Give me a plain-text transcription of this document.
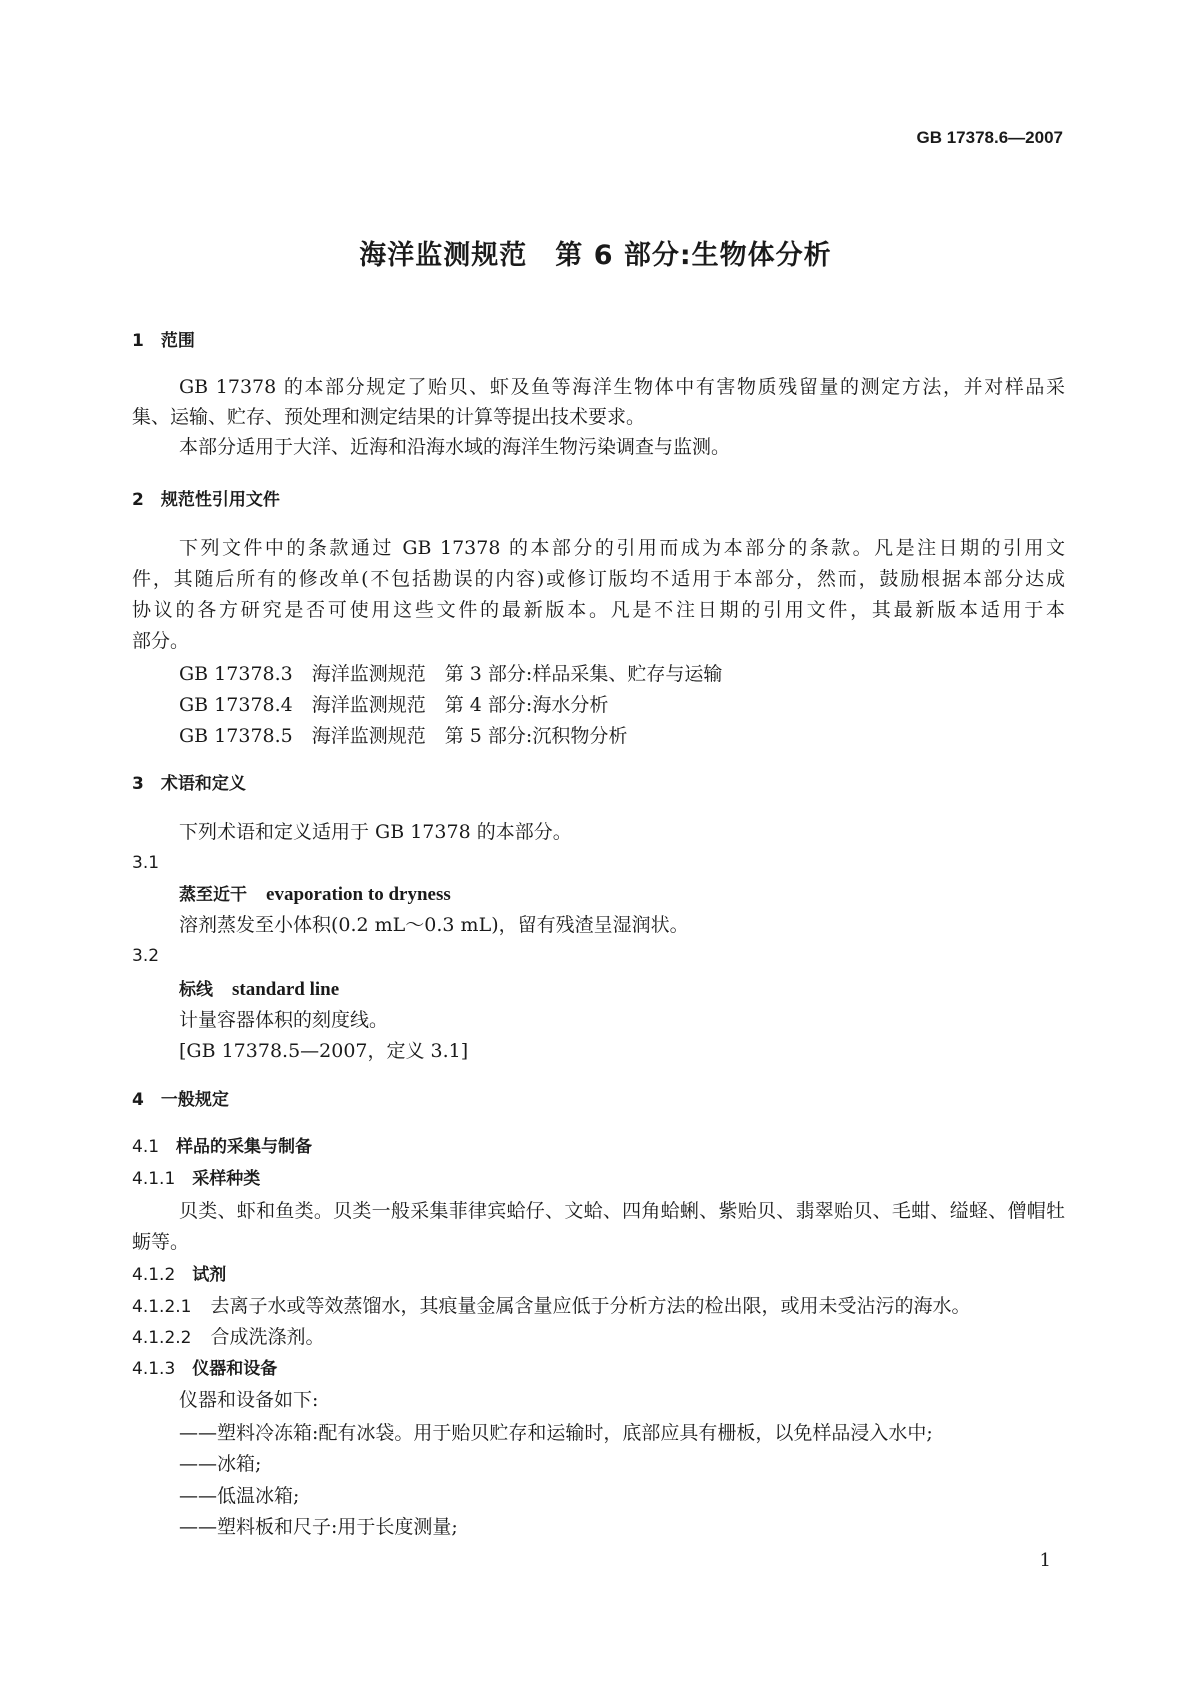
GB 17378.6—2007
海洋监测规范　第 6 部分:生物体分析
1　 范围
GB 17378 的本部分规定了贻贝、虾及鱼等海洋生物体中有害物质残留量的测定方法，并对样品采
集、运输、贮存、预处理和测定结果的计算等提出技术要求。
本部分适用于大洋、近海和沿海水域的海洋生物污染调查与监测。
2　 规范性引用文件
下列文件中的条款通过 GB 17378 的本部分的引用而成为本部分的条款。凡是注日期的引用文
件，其随后所有的修改单(不包括勘误的内容)或修订版均不适用于本部分，然而，鼓励根据本部分达成
协议的各方研究是否可使用这些文件的最新版本。凡是不注日期的引用文件，其最新版本适用于本
部分。
GB 17378.3　海洋监测规范　第 3 部分:样品采集、贮存与运输
GB 17378.4　海洋监测规范　第 4 部分:海水分析
GB 17378.5　海洋监测规范　第 5 部分:沉积物分析
3　 术语和定义
下列术语和定义适用于 GB 17378 的本部分。
3.1
蒸至近干　 evaporation to dryness
溶剂蒸发至小体积(0.2 mL～0.3 mL)，留有残渣呈湿润状。
3.2
标线　 standard line
计量容器体积的刻度线。
[GB 17378.5—2007，定义 3.1]
4　 一般规定
4.1　 样品的采集与制备
4.1.1　 采样种类
贝类、虾和鱼类。贝类一般采集菲律宾蛤仔、文蛤、四角蛤蜊、紫贻贝、翡翠贻贝、毛蚶、缢蛏、僧帽牡
蛎等。
4.1.2　 试剂
4.1.2.1　 去离子水或等效蒸馏水，其痕量金属含量应低于分析方法的检出限，或用未受沾污的海水。
4.1.2.2　 合成洗涤剂。
4.1.3　 仪器和设备
仪器和设备如下:
——塑料冷冻箱:配有冰袋。用于贻贝贮存和运输时，底部应具有栅板，以免样品浸入水中;
——冰箱;
——低温冰箱;
——塑料板和尺子:用于长度测量;
1
